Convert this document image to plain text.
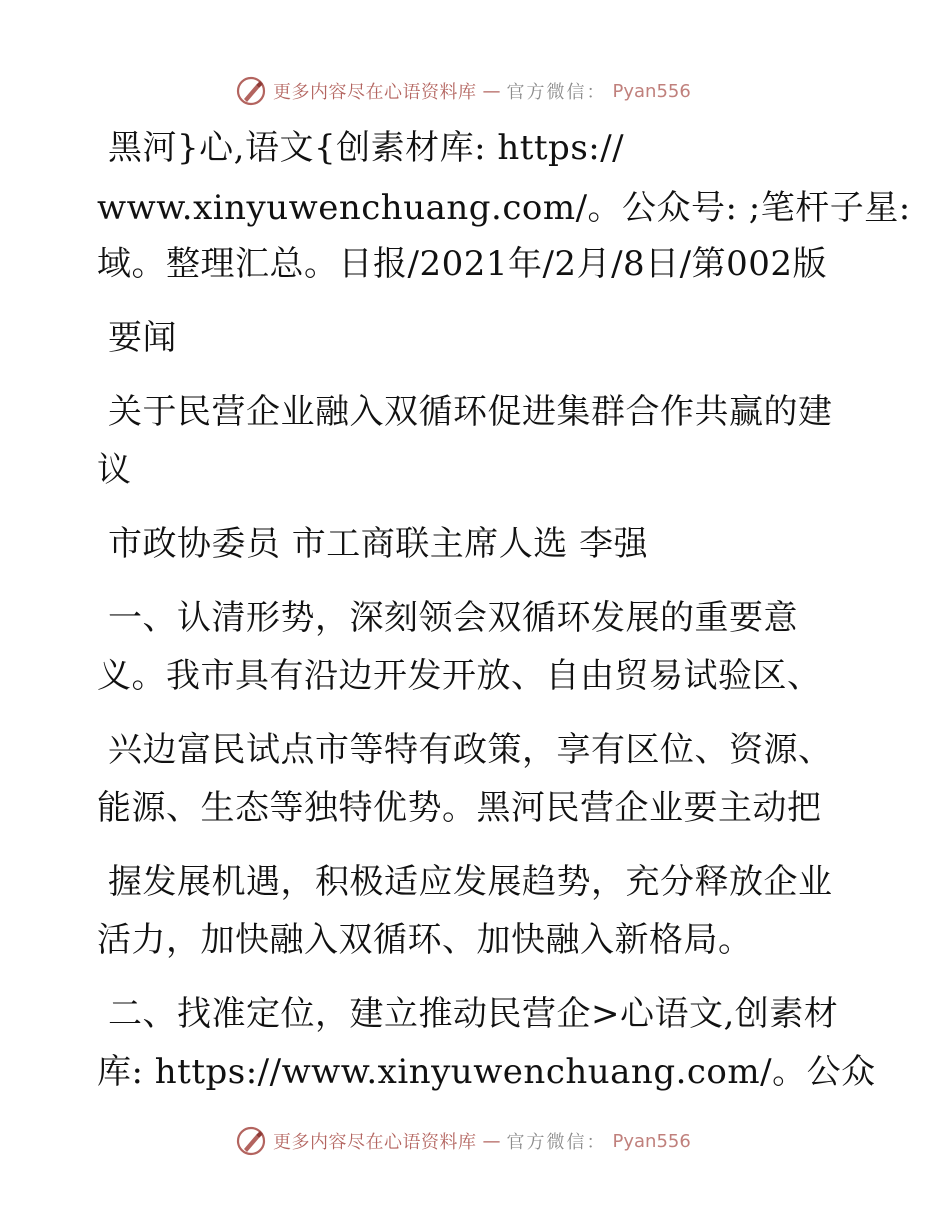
更多内容尽在心语资料库 — 官方微信： Pyan556
黑河}心,语文{创素材库: https://
www.xinyuwenchuang.com/。公众号: ;笔杆子星:
域。整理汇总。日报/2021年/2月/8日/第002版
要闻
关于民营企业融入双循环促进集群合作共赢的建
议
市政协委员 市工商联主席人选 李强
一、认清形势，深刻领会双循环发展的重要意
义。我市具有沿边开发开放、自由贸易试验区、
兴边富民试点市等特有政策，享有区位、资源、
能源、生态等独特优势。黑河民营企业要主动把
握发展机遇，积极适应发展趋势，充分释放企业
活力，加快融入双循环、加快融入新格局。
二、找准定位，建立推动民营企>心语文,创素材
库: https://www.xinyuwenchuang.com/。公众
更多内容尽在心语资料库 — 官方微信： Pyan556
